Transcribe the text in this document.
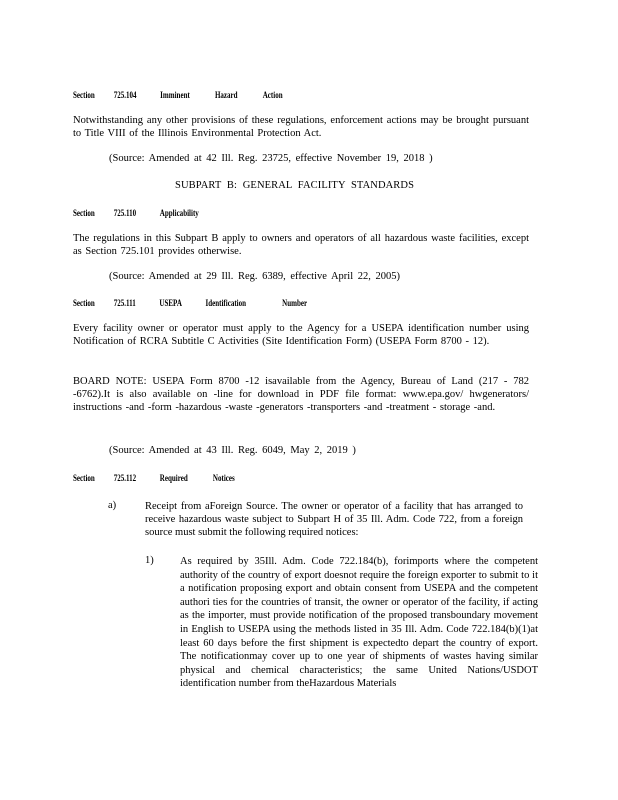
Section 725.104	Imminent	Hazard	Action
Notwithstanding any other provisions of these regulations, enforcement actions may be brought pursuant to Title VIII of the Illinois Environmental Protection Act.
(Source: Amended at 42 Ill. Reg. 23725, effective November 19, 2018 )
SUBPART B: GENERAL FACILITY STANDARDS
Section 725.110	Applicability
The regulations in this Subpart B apply to owners and operators of all hazardous waste facilities, except as Section 725.101 provides otherwise.
(Source: Amended at 29 Ill. Reg. 6389, effective April 22, 2005)
Section 725.111	USEPA	Identification	Number
Every facility owner or operator must apply to the Agency for a USEPA identification number using Notification of RCRA Subtitle C Activities (Site Identification Form) (USEPA Form 8700 - 12).
BOARD NOTE: USEPA Form 8700 -12 isavailable from the Agency, Bureau of Land (217 - 782 -6762).It is also available on -line for download in PDF file format: www.epa.gov/ hwgenerators/ instructions -and -form -hazardous -waste -generators -transporters -and -treatment - storage -and.
(Source: Amended at 43 Ill. Reg. 6049, May 2, 2019 )
Section 725.112	Required	Notices
a)	Receipt from aForeign Source. The owner or operator of a facility that has arranged to receive hazardous waste subject to Subpart H of 35 Ill. Adm. Code 722, from a foreign source must submit the following required notices:
1)	As required by 35Ill. Adm. Code 722.184(b), forimports where the competent authority of the country of export doesnot require the foreign exporter to submit to it a notification proposing export and obtain consent from USEPA and the competent authori ties for the countries of transit, the owner or operator of the facility, if acting as the importer, must provide notification of the proposed transboundary movement in English to USEPA using the methods listed in 35 Ill. Adm. Code 722.184(b)(1)at least 60 days before the first shipment is expectedto depart the country of export. The notificationmay cover up to one year of shipments of wastes having similar physical and chemical characteristics; the same United Nations/USDOT identification number from theHazardous Materials
